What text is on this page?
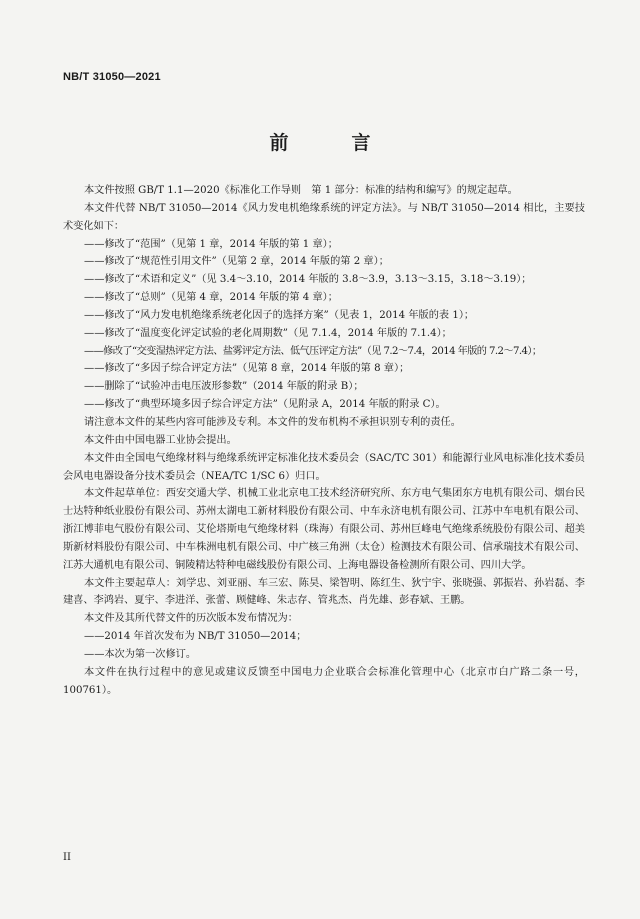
NB/T 31050—2021
前　言

本文件按照 GB/T 1.1—2020《标准化工作导则　第 1 部分：标准的结构和编写》的规定起草。

本文件代替 NB/T 31050—2014《风力发电机绝缘系统的评定方法》。与 NB/T 31050—2014 相比，主要技术变化如下：

——修改了“范围”（见第 1 章，2014 年版的第 1 章）；

——修改了“规范性引用文件”（见第 2 章，2014 年版的第 2 章）；

——修改了“术语和定义”（见 3.4～3.10，2014 年版的 3.8～3.9，3.13～3.15，3.18～3.19）；

——修改了“总则”（见第 4 章，2014 年版的第 4 章）；

——修改了“风力发电机绝缘系统老化因子的选择方案”（见表 1，2014 年版的表 1）；

——修改了“温度变化评定试验的老化周期数”（见 7.1.4，2014 年版的 7.1.4）；

——修改了“交变湿热评定方法、盐雾评定方法、低气压评定方法”（见 7.2～7.4，2014 年版的 7.2～7.4）；

——修改了“多因子综合评定方法”（见第 8 章，2014 年版的第 8 章）；

——删除了“试验冲击电压波形参数”（2014 年版的附录 B）；

——修改了“典型环境多因子综合评定方法”（见附录 A，2014 年版的附录 C）。

请注意本文件的某些内容可能涉及专利。本文件的发布机构不承担识别专利的责任。

本文件由中国电器工业协会提出。

本文件由全国电气绝缘材料与绝缘系统评定标准化技术委员会（SAC/TC 301）和能源行业风电标准化技术委员会风电电器设备分技术委员会（NEA/TC 1/SC 6）归口。

本文件起草单位：西安交通大学、机械工业北京电工技术经济研究所、东方电气集团东方电机有限公司、烟台民士达特种纸业股份有限公司、苏州太湖电工新材料股份有限公司、中车永济电机有限公司、江苏中车电机有限公司、浙江博菲电气股份有限公司、艾伦塔斯电气绝缘材料（珠海）有限公司、苏州巨峰电气绝缘系统股份有限公司、超美斯新材料股份有限公司、中车株洲电机有限公司、中广核三角洲（太仓）检测技术有限公司、信承瑞技术有限公司、江苏大通机电有限公司、铜陵精达特种电磁线股份有限公司、上海电器设备检测所有限公司、四川大学。

本文件主要起草人：刘学忠、刘亚丽、车三宏、陈昊、梁智明、陈红生、狄宁宇、张晓强、郭振岩、孙岩磊、李建喜、李鸿岩、夏宇、李进洋、张蕾、顾健峰、朱志存、管兆杰、肖先雄、彭春斌、王鹏。

本文件及其所代替文件的历次版本发布情况为：

——2014 年首次发布为 NB/T 31050—2014；

——本次为第一次修订。

本文件在执行过程中的意见或建议反馈至中国电力企业联合会标准化管理中心（北京市白广路二条一号，100761）。

II
